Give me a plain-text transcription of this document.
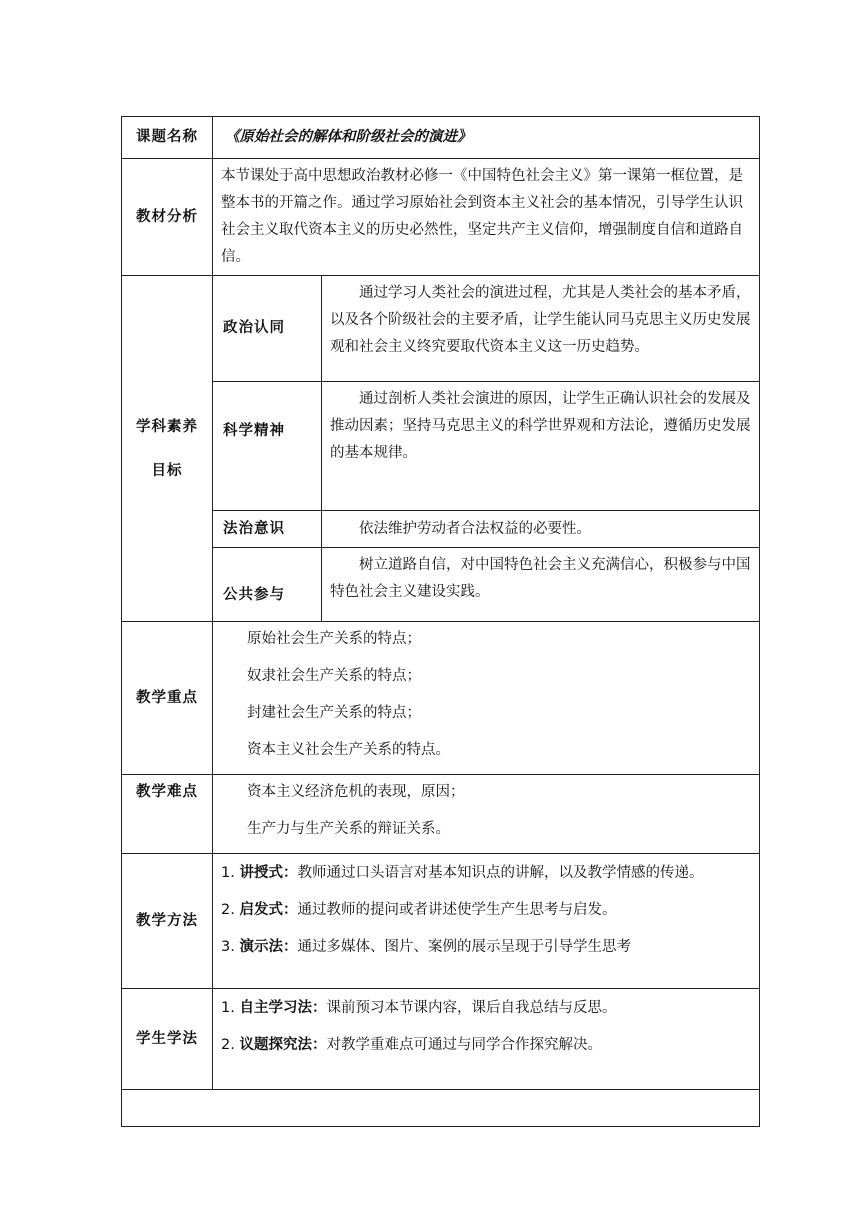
课题名称	《原始社会的解体和阶级社会的演进》	
教材分析	本节课处于高中思想政治教材必修一《中国特色社会主义》第一课第一框位置，是整本书的开篇之作。通过学习原始社会到资本主义社会的基本情况，引导学生认识社会主义取代资本主义的历史必然性，坚定共产主义信仰，增强制度自信和道路自信。	

学科素养
目标	政治认同	通过学习人类社会的演进过程，尤其是人类社会的基本矛盾，以及各个阶级社会的主要矛盾，让学生能认同马克思主义历史发展观和社会主义终究要取代资本主义这一历史趋势。
	科学精神	通过剖析人类社会演进的原因，让学生正确认识社会的发展及推动因素；坚持马克思主义的科学世界观和方法论，遵循历史发展的基本规律。
	法治意识	依法维护劳动者合法权益的必要性。
	公共参与	树立道路自信，对中国特色社会主义充满信心，积极参与中国特色社会主义建设实践。
教学重点	原始社会生产关系的特点；
奴隶社会生产关系的特点；
封建社会生产关系的特点；
资本主义社会生产关系的特点。	

教学难点	资本主义经济危机的表现，原因；
生产力与生产关系的辩证关系。	

教学方法	1. 讲授式：教师通过口头语言对基本知识点的讲解，以及教学情感的传递。
2. 启发式：通过教师的提问或者讲述使学生产生思考与启发。
3. 演示法：通过多媒体、图片、案例的展示呈现于引导学生思考	

学生学法	1. 自主学习法：课前预习本节课内容，课后自我总结与反思。
2. 议题探究法：对教学重难点可通过与同学合作探究解决。	
